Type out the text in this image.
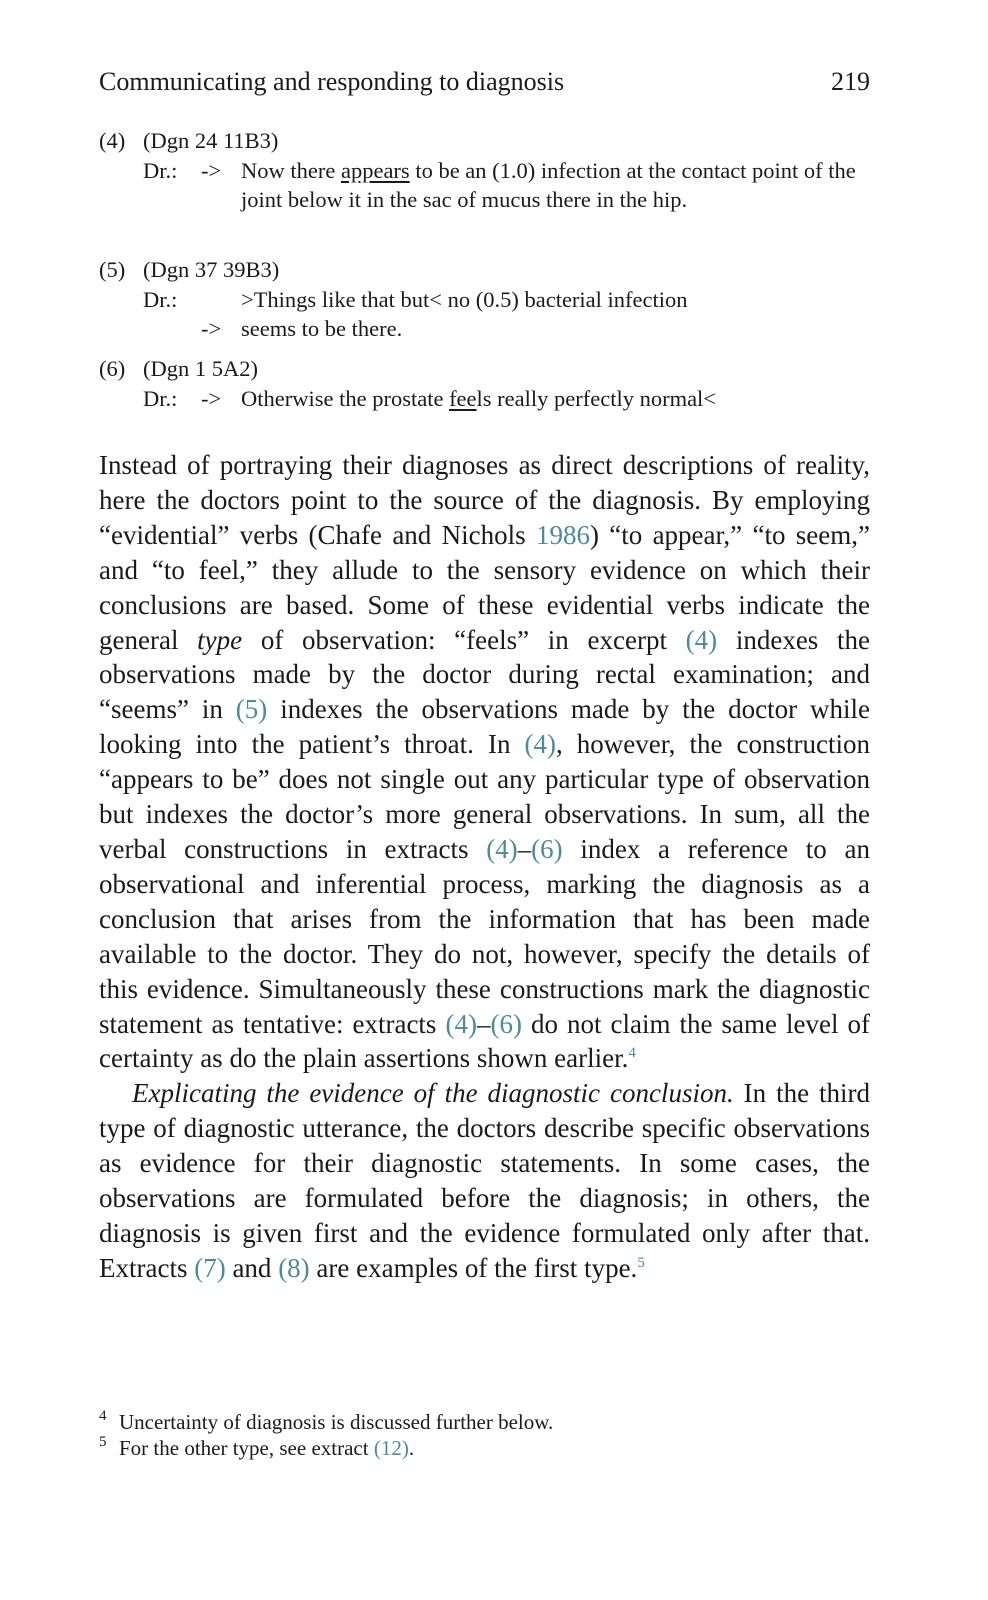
Communicating and responding to diagnosis	219
(4) (Dgn 24 11B3)
Dr.:	-> Now there appears to be an (1.0) infection at the contact point of the joint below it in the sac of mucus there in the hip.
(5) (Dgn 37 39B3)
Dr.:	>Things like that but< no (0.5) bacterial infection
-> seems to be there.
(6) (Dgn 1 5A2)
Dr.:	-> Otherwise the prostate feels really perfectly normal<

Instead of portraying their diagnoses as direct descriptions of reality, here the doctors point to the source of the diagnosis. By employing “evidential” verbs (Chafe and Nichols 1986) “to appear,” “to seem,” and “to feel,” they allude to the sensory evidence on which their conclusions are based. Some of these evidential verbs indicate the general type of observation: “feels” in excerpt (4) indexes the observations made by the doctor during rectal examination; and “seems” in (5) indexes the observations made by the doctor while looking into the patient’s throat. In (4), however, the construction “appears to be” does not single out any particular type of observation but indexes the doctor’s more general observations. In sum, all the verbal constructions in extracts (4)–(6) index a reference to an observational and inferential process, marking the diagnosis as a conclusion that arises from the information that has been made available to the doctor. They do not, however, specify the details of this evidence. Simultaneously these constructions mark the diagnostic statement as tentative: extracts (4)–(6) do not claim the same level of certainty as do the plain assertions shown earlier.$^4$

Explicating the evidence of the diagnostic conclusion. In the third type of diagnostic utterance, the doctors describe specific observations as evidence for their diagnostic statements. In some cases, the observations are formulated before the diagnosis; in others, the diagnosis is given first and the evidence formulated only after that. Extracts (7) and (8) are examples of the first type.$^5$

4 Uncertainty of diagnosis is discussed further below.
5 For the other type, see extract (12).
